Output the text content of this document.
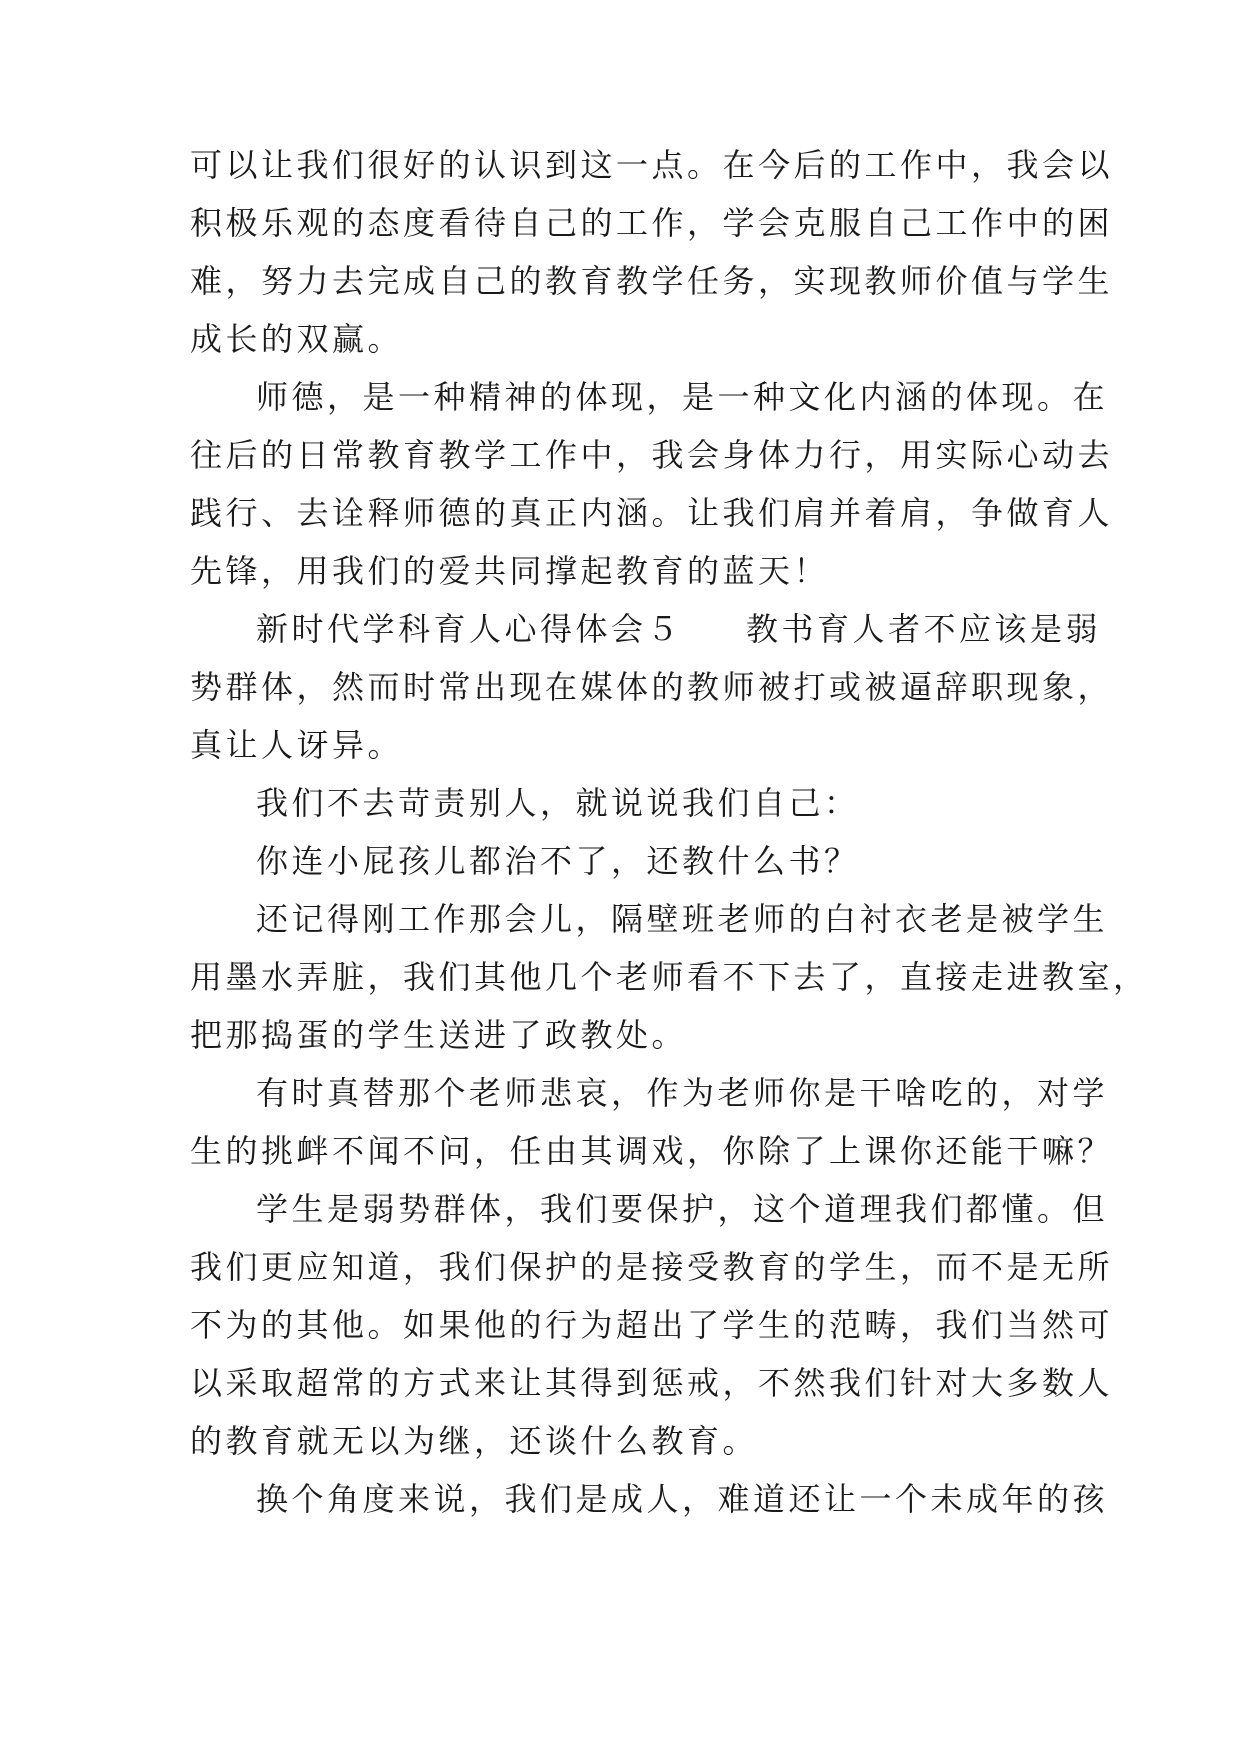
可以让我们很好的认识到这一点。在今后的工作中，我会以
积极乐观的态度看待自己的工作，学会克服自己工作中的困
难，努力去完成自己的教育教学任务，实现教师价值与学生
成长的双赢。
师德，是一种精神的体现，是一种文化内涵的体现。在
往后的日常教育教学工作中，我会身体力行，用实际心动去
践行、去诠释师德的真正内涵。让我们肩并着肩，争做育人
先锋，用我们的爱共同撑起教育的蓝天！
新时代学科育人心得体会５ 教书育人者不应该是弱
势群体，然而时常出现在媒体的教师被打或被逼辞职现象，
真让人讶异。
我们不去苛责别人，就说说我们自己：
你连小屁孩儿都治不了，还教什么书？
还记得刚工作那会儿，隔壁班老师的白衬衣老是被学生
用墨水弄脏，我们其他几个老师看不下去了，直接走进教室，
把那捣蛋的学生送进了政教处。
有时真替那个老师悲哀，作为老师你是干啥吃的，对学
生的挑衅不闻不问，任由其调戏，你除了上课你还能干嘛？
学生是弱势群体，我们要保护，这个道理我们都懂。但
我们更应知道，我们保护的是接受教育的学生，而不是无所
不为的其他。如果他的行为超出了学生的范畴，我们当然可
以采取超常的方式来让其得到惩戒，不然我们针对大多数人
的教育就无以为继，还谈什么教育。
换个角度来说，我们是成人，难道还让一个未成年的孩
